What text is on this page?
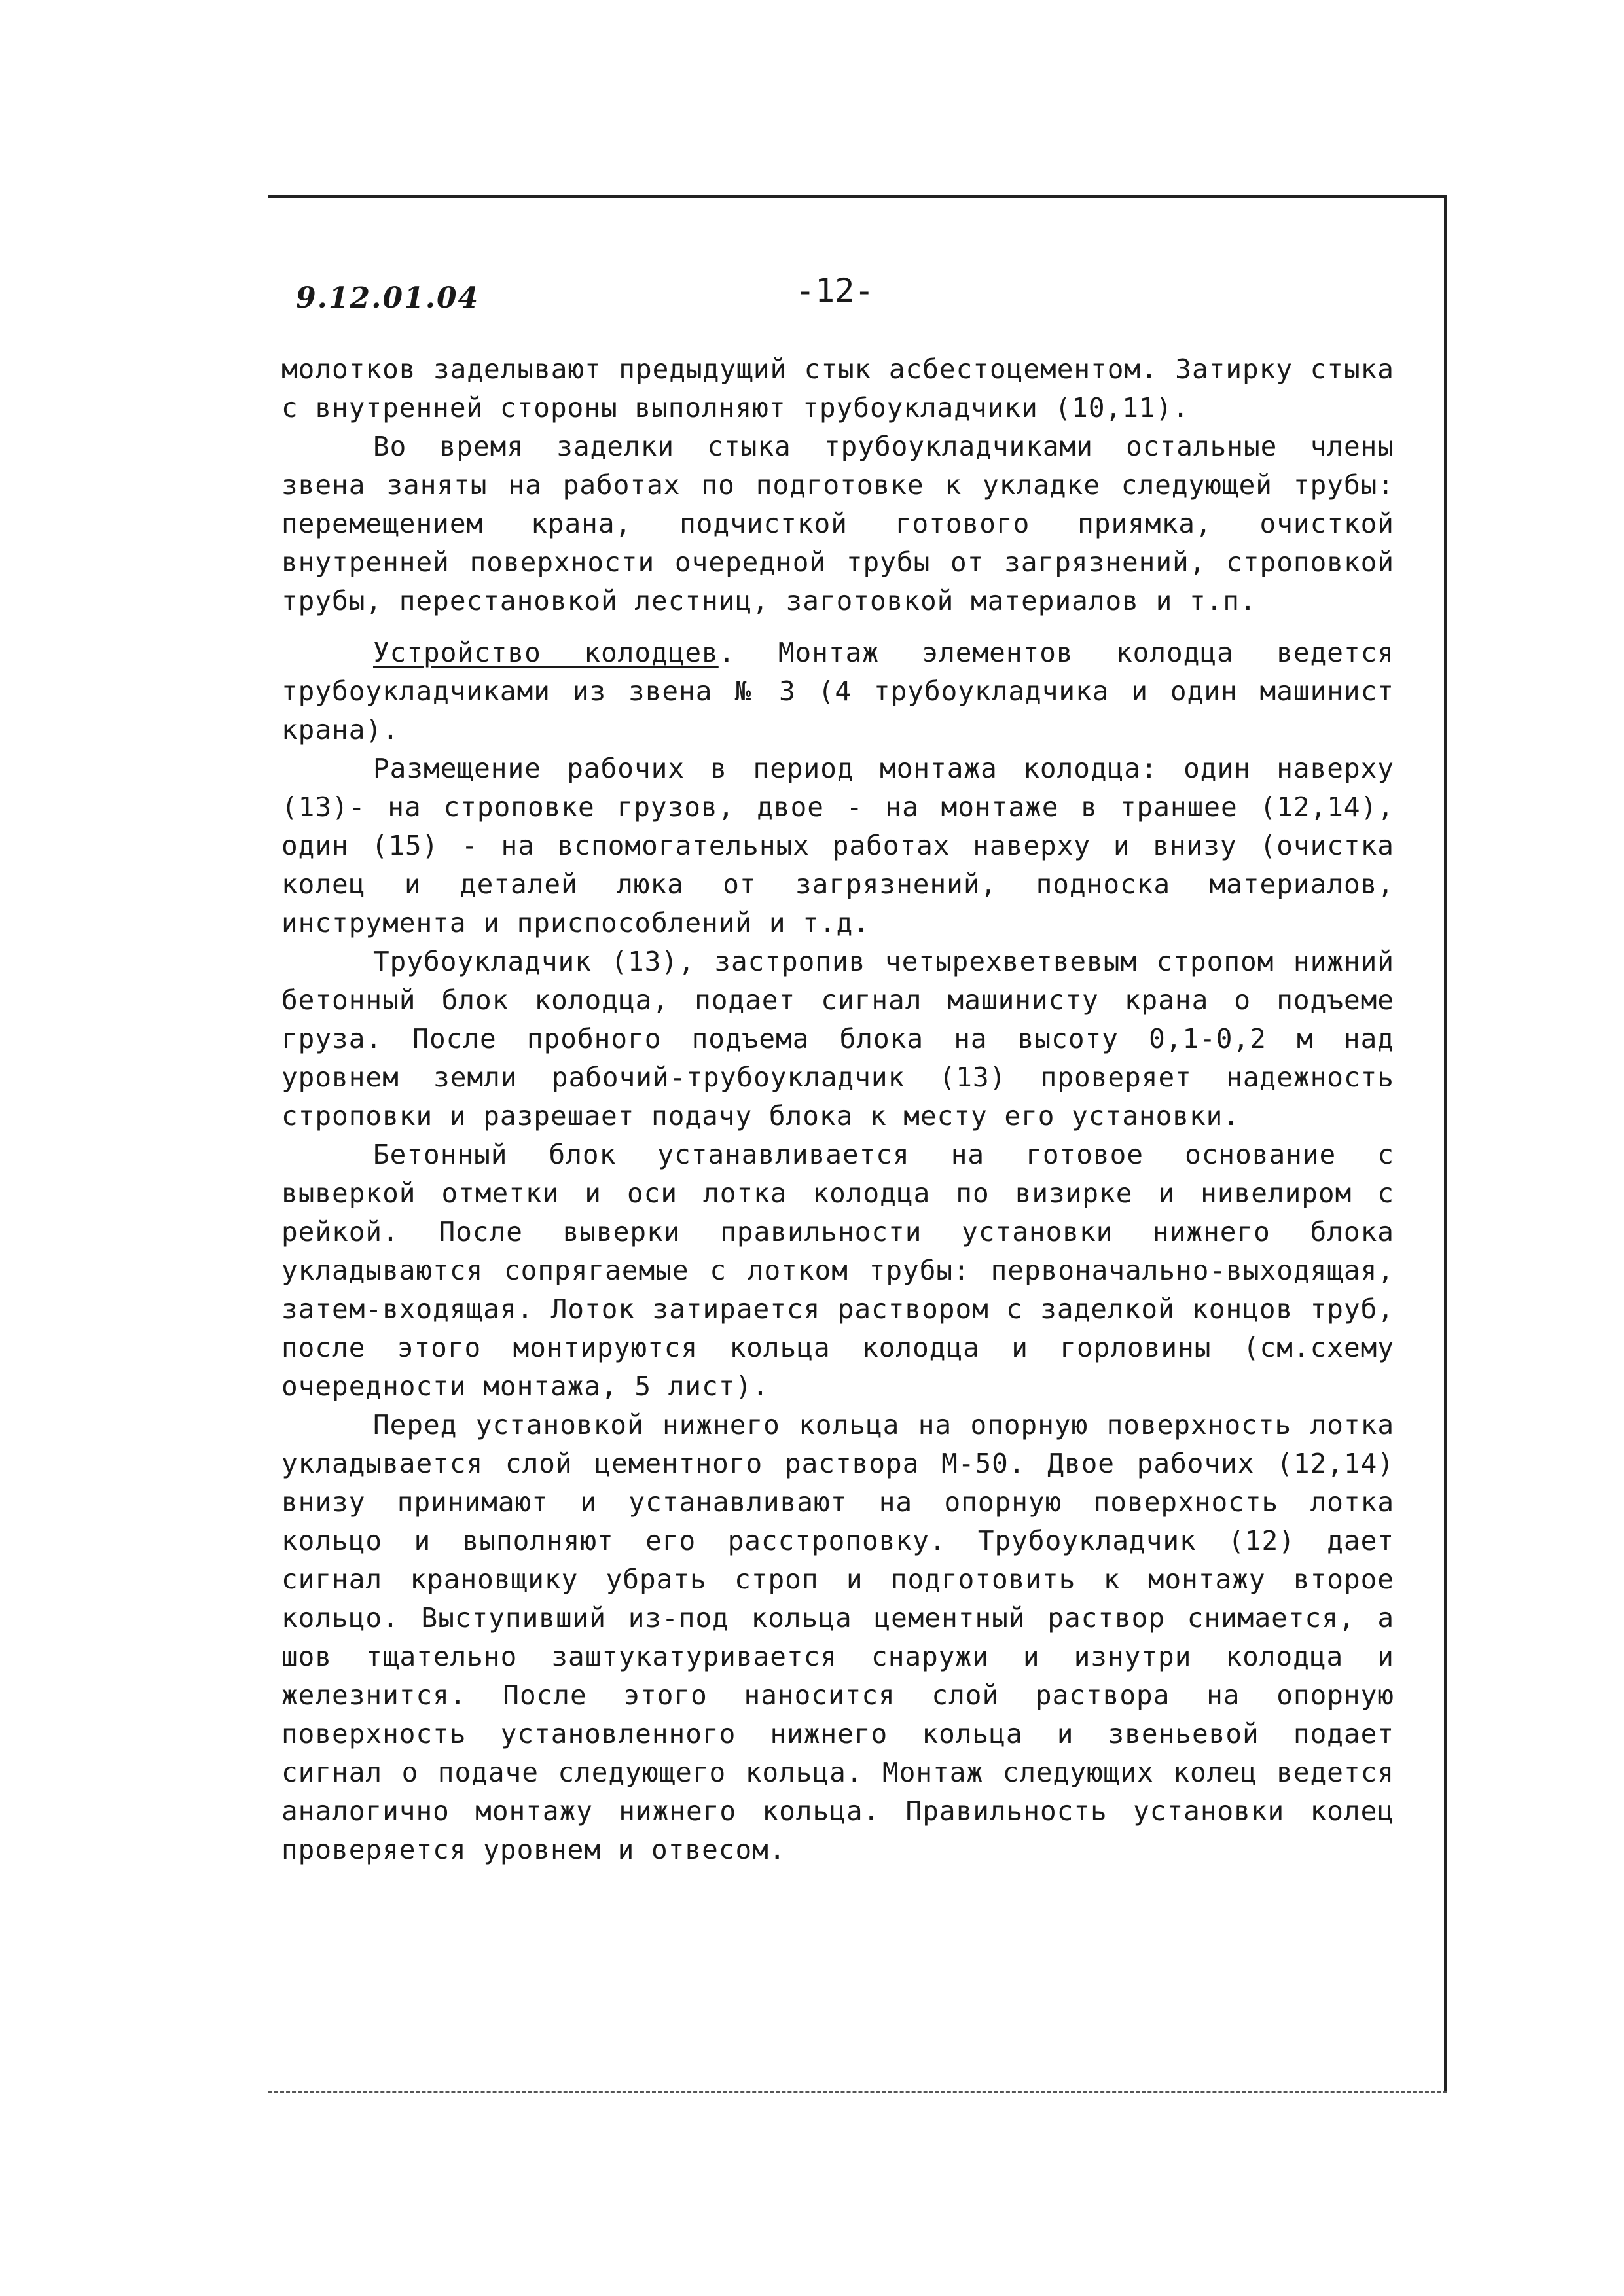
9.12.01.04	-12-

молотков заделывают предыдущий стык асбестоцементом. Затирку стыка с внутренней стороны выполняют трубоукладчики (10,11).

Во время заделки стыка трубоукладчиками остальные члены звена заняты на работах по подготовке к укладке следующей трубы: перемещением крана, подчисткой готового приямка, очисткой внутренней поверхности очередной трубы от загрязнений, строповкой трубы, перестановкой лестниц, заготовкой материалов и т.п.

Устройство колодцев. Монтаж элементов колодца ведется трубоукладчиками из звена № 3 (4 трубоукладчика и один машинист крана).

Размещение рабочих в период монтажа колодца: один наверху (13)- на строповке грузов, двое - на монтаже в траншее (12,14), один (15) - на вспомогательных работах наверху и внизу (очистка колец и деталей люка от загрязнений, подноска материалов, инструмента и приспособлений и т.д.

Трубоукладчик (13), застропив четырехветвевым стропом нижний бетонный блок колодца, подает сигнал машинисту крана о подъеме груза. После пробного подъема блока на высоту 0,1-0,2 м над уровнем земли рабочий-трубоукладчик (13) проверяет надежность строповки и разрешает подачу блока к месту его установки.

Бетонный блок устанавливается на готовое основание с выверкой отметки и оси лотка колодца по визирке и нивелиром с рейкой. После выверки правильности установки нижнего блока укладываются сопрягаемые с лотком трубы: первоначально-выходящая, затем-входящая. Лоток затирается раствором с заделкой концов труб, после этого монтируются кольца колодца и горловины (см.схему очередности монтажа, 5 лист).

Перед установкой нижнего кольца на опорную поверхность лотка укладывается слой цементного раствора М-50. Двое рабочих (12,14) внизу принимают и устанавливают на опорную поверхность лотка кольцо и выполняют его расстроповку. Трубоукладчик (12) дает сигнал крановщику убрать строп и подготовить к монтажу второе кольцо. Выступивший из-под кольца цементный раствор снимается, а шов тщательно заштукатуривается снаружи и изнутри колодца и железнится. После этого наносится слой раствора на опорную поверхность установленного нижнего кольца и звеньевой подает сигнал о подаче следующего кольца. Монтаж следующих колец ведется аналогично монтажу нижнего кольца. Правильность установки колец проверяется уровнем и отвесом.
